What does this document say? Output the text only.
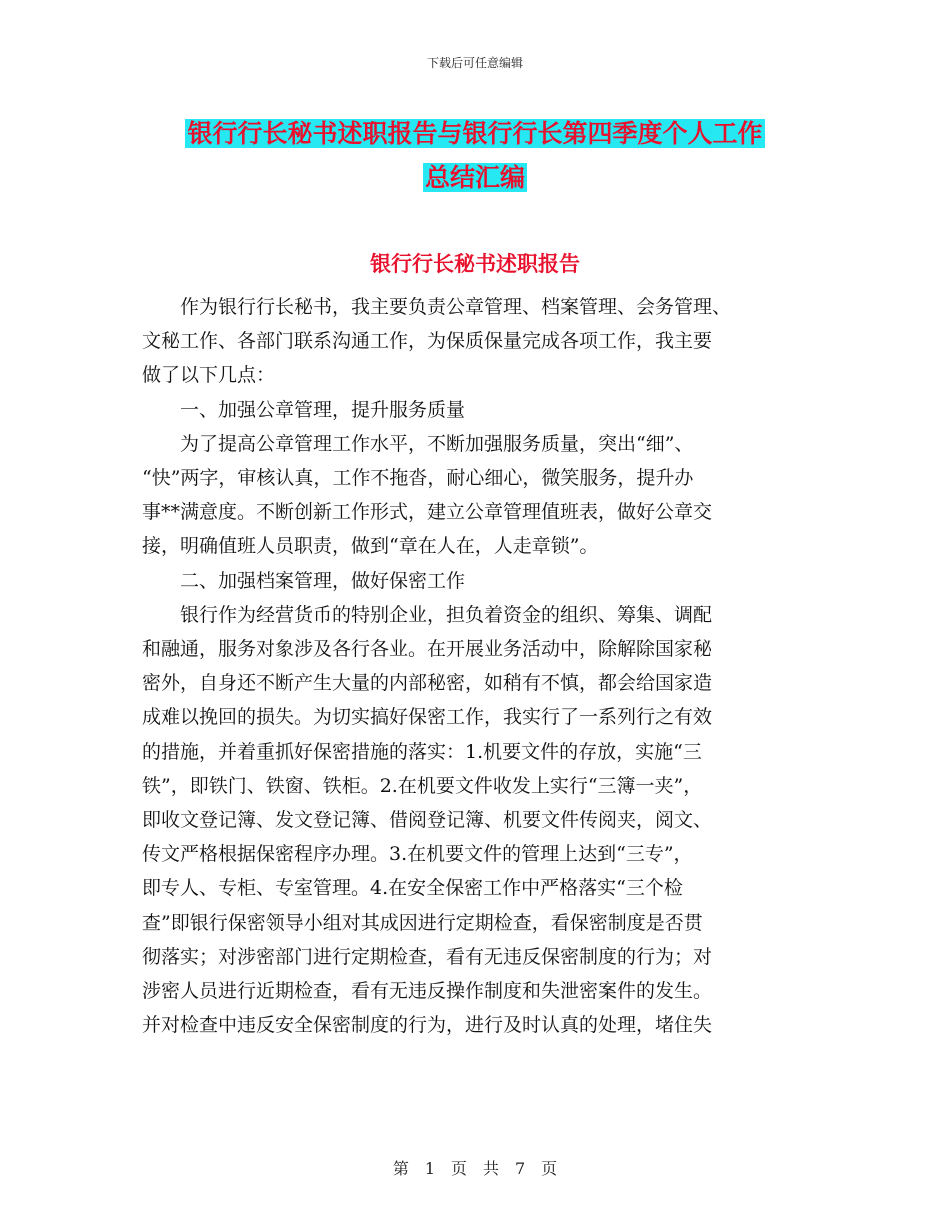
下载后可任意编辑
银行行长秘书述职报告与银行行长第四季度个人工作
总结汇编
银行行长秘书述职报告

　　作为银行行长秘书，我主要负责公章管理、档案管理、会务管理、

文秘工作、各部门联系沟通工作，为保质保量完成各项工作，我主要

做了以下几点：

　　一、加强公章管理，提升服务质量

　　为了提高公章管理工作水平，不断加强服务质量，突出“细”、

“快”两字，审核认真，工作不拖沓，耐心细心，微笑服务，提升办

事**满意度。不断创新工作形式，建立公章管理值班表，做好公章交

接，明确值班人员职责，做到“章在人在，人走章锁”。

　　二、加强档案管理，做好保密工作

　　银行作为经营货币的特别企业，担负着资金的组织、筹集、调配

和融通，服务对象涉及各行各业。在开展业务活动中，除解除国家秘

密外，自身还不断产生大量的内部秘密，如稍有不慎，都会给国家造

成难以挽回的损失。为切实搞好保密工作，我实行了一系列行之有效

的措施，并着重抓好保密措施的落实：1.机要文件的存放，实施“三

铁”，即铁门、铁窗、铁柜。2.在机要文件收发上实行“三簿一夹”，

即收文登记簿、发文登记簿、借阅登记簿、机要文件传阅夹，阅文、

传文严格根据保密程序办理。3.在机要文件的管理上达到“三专”，

即专人、专柜、专室管理。4.在安全保密工作中严格落实“三个检

查”即银行保密领导小组对其成因进行定期检查，看保密制度是否贯

彻落实；对涉密部门进行定期检查，看有无违反保密制度的行为；对

涉密人员进行近期检查，看有无违反操作制度和失泄密案件的发生。

并对检查中违反安全保密制度的行为，进行及时认真的处理，堵住失

第　1　页　共　7　页
